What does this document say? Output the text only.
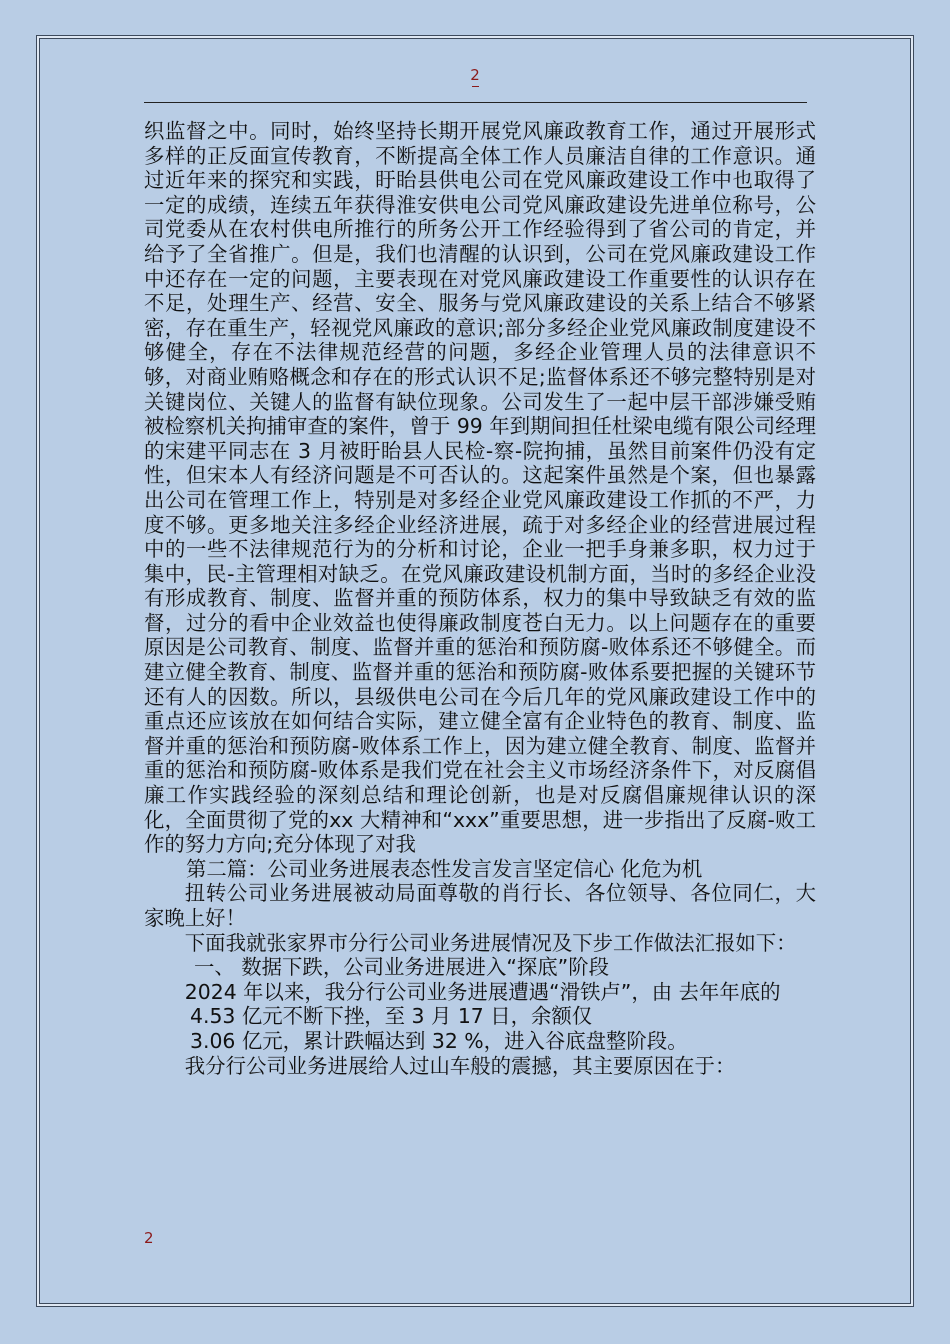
2

织监督之中。同时，始终坚持长期开展党风廉政教育工作，通过开展形式多样的正反面宣传教育，不断提高全体工作人员廉洁自律的工作意识。通过近年来的探究和实践，盱眙县供电公司在党风廉政建设工作中也取得了一定的成绩，连续五年获得淮安供电公司党风廉政建设先进单位称号，公司党委从在农村供电所推行的所务公开工作经验得到了省公司的肯定，并给予了全省推广。但是，我们也清醒的认识到，公司在党风廉政建设工作中还存在一定的问题，主要表现在对党风廉政建设工作重要性的认识存在不足，处理生产、经营、安全、服务与党风廉政建设的关系上结合不够紧密，存在重生产，轻视党风廉政的意识;部分多经企业党风廉政制度建设不够健全，存在不法律规范经营的问题，多经企业管理人员的法律意识不够，对商业贿赂概念和存在的形式认识不足;监督体系还不够完整特别是对关键岗位、关键人的监督有缺位现象。公司发生了一起中层干部涉嫌受贿被检察机关拘捕审查的案件，曾于 99 年到期间担任杜梁电缆有限公司经理的宋建平同志在 3 月被盱眙县人民检-察-院拘捕，虽然目前案件仍没有定性，但宋本人有经济问题是不可否认的。这起案件虽然是个案，但也暴露出公司在管理工作上，特别是对多经企业党风廉政建设工作抓的不严，力度不够。更多地关注多经企业经济进展，疏于对多经企业的经营进展过程中的一些不法律规范行为的分析和讨论，企业一把手身兼多职，权力过于集中，民-主管理相对缺乏。在党风廉政建设机制方面，当时的多经企业没有形成教育、制度、监督并重的预防体系，权力的集中导致缺乏有效的监督，过分的看中企业效益也使得廉政制度苍白无力。以上问题存在的重要原因是公司教育、制度、监督并重的惩治和预防腐-败体系还不够健全。而建立健全教育、制度、监督并重的惩治和预防腐-败体系要把握的关键环节还有人的因数。所以，县级供电公司在今后几年的党风廉政建设工作中的重点还应该放在如何结合实际，建立健全富有企业特色的教育、制度、监督并重的惩治和预防腐-败体系工作上，因为建立健全教育、制度、监督并重的惩治和预防腐-败体系是我们党在社会主义市场经济条件下，对反腐倡廉工作实践经验的深刻总结和理论创新，也是对反腐倡廉规律认识的深化，全面贯彻了党的xx 大精神和“xxx”重要思想，进一步指出了反腐-败工作的努力方向;充分体现了对我

第二篇：公司业务进展表态性发言发言坚定信心 化危为机

扭转公司业务进展被动局面尊敬的肖行长、各位领导、各位同仁，大家晚上好！

下面我就张家界市分行公司业务进展情况及下步工作做法汇报如下：

一、 数据下跌，公司业务进展进入“探底”阶段

2024 年以来，我分行公司业务进展遭遇“滑铁卢”，由 去年年底的

4.53 亿元不断下挫，至 3 月 17 日，余额仅

3.06 亿元，累计跌幅达到 32 %，进入谷底盘整阶段。

我分行公司业务进展给人过山车般的震撼，其主要原因在于：

2
